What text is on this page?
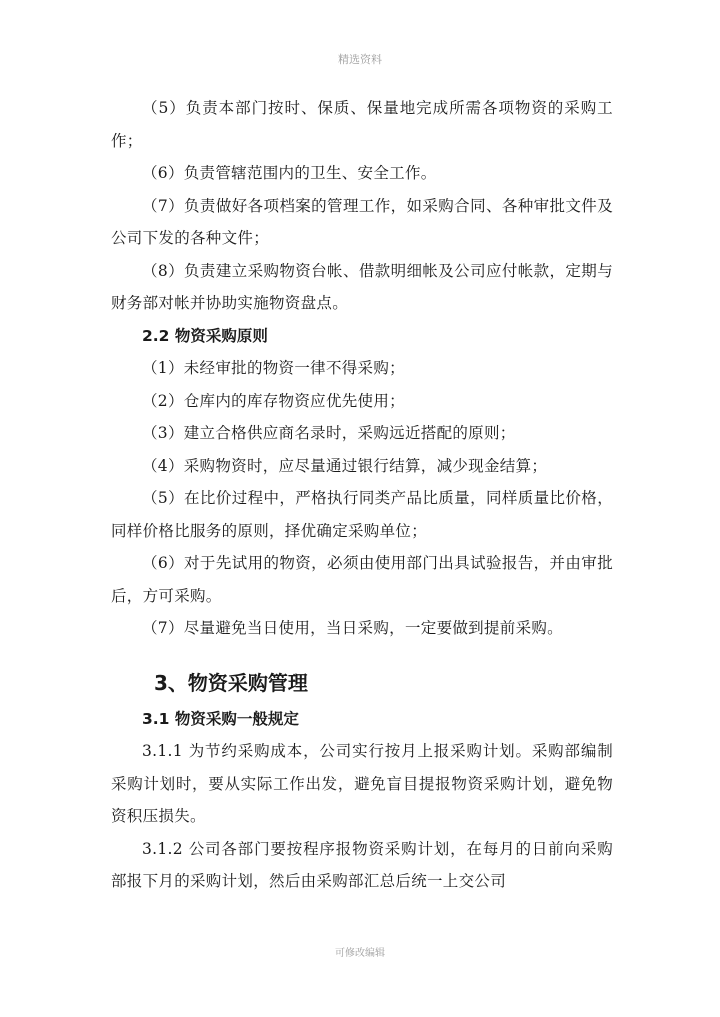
精选资料

（5）负责本部门按时、保质、保量地完成所需各项物资的采购工作；

（6）负责管辖范围内的卫生、安全工作。

（7）负责做好各项档案的管理工作，如采购合同、各种审批文件及公司下发的各种文件；

（8）负责建立采购物资台帐、借款明细帐及公司应付帐款，定期与财务部对帐并协助实施物资盘点。

2.2 物资采购原则

（1）未经审批的物资一律不得采购；

（2）仓库内的库存物资应优先使用；

（3）建立合格供应商名录时，采购远近搭配的原则；

（4）采购物资时，应尽量通过银行结算，减少现金结算；

（5）在比价过程中，严格执行同类产品比质量，同样质量比价格，同样价格比服务的原则，择优确定采购单位；

（6）对于先试用的物资，必须由使用部门出具试验报告，并由审批后，方可采购。

（7）尽量避免当日使用，当日采购，一定要做到提前采购。

3、物资采购管理

3.1 物资采购一般规定

3.1.1 为节约采购成本，公司实行按月上报采购计划。采购部编制采购计划时，要从实际工作出发，避免盲目提报物资采购计划，避免物资积压损失。

3.1.2 公司各部门要按程序报物资采购计划，在每月的日前向采购部报下月的采购计划，然后由采购部汇总后统一上交公司

可修改编辑
